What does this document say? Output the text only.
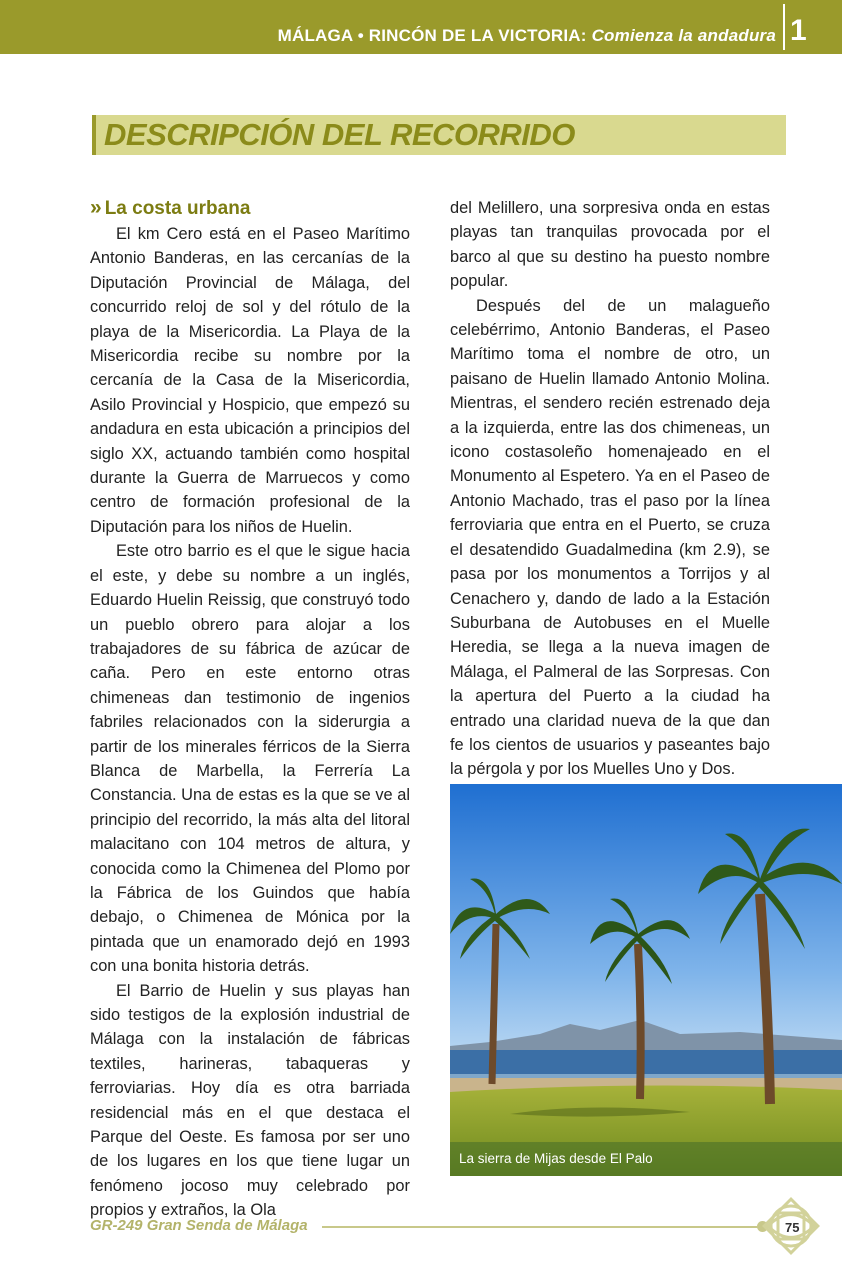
MÁLAGA • RINCÓN DE LA VICTORIA: Comienza la andadura 1
DESCRIPCIÓN DEL RECORRIDO
» La costa urbana

El km Cero está en el Paseo Marítimo Antonio Banderas, en las cercanías de la Diputación Provincial de Málaga, del concurrido reloj de sol y del rótulo de la playa de la Misericordia. La Playa de la Misericordia recibe su nombre por la cercanía de la Casa de la Misericordia, Asilo Provincial y Hospicio, que empezó su andadura en esta ubicación a principios del siglo XX, actuando también como hospital durante la Guerra de Marruecos y como centro de formación profesional de la Diputación para los niños de Huelin.

Este otro barrio es el que le sigue hacia el este, y debe su nombre a un inglés, Eduardo Huelin Reissig, que construyó todo un pueblo obrero para alojar a los trabajadores de su fábrica de azúcar de caña. Pero en este entorno otras chimeneas dan testimonio de ingenios fabriles relacionados con la siderurgia a partir de los minerales férricos de la Sierra Blanca de Marbella, la Ferrería La Constancia. Una de estas es la que se ve al principio del recorrido, la más alta del litoral malacitano con 104 metros de altura, y conocida como la Chimenea del Plomo por la Fábrica de los Guindos que había debajo, o Chimenea de Mónica por la pintada que un enamorado dejó en 1993 con una bonita historia detrás.

El Barrio de Huelin y sus playas han sido testigos de la explosión industrial de Málaga con la instalación de fábricas textiles, harineras, tabaqueras y ferroviarias. Hoy día es otra barriada residencial más en el que destaca el Parque del Oeste. Es famosa por ser uno de los lugares en los que tiene lugar un fenómeno jocoso muy celebrado por propios y extraños, la Ola

del Melillero, una sorpresiva onda en estas playas tan tranquilas provocada por el barco al que su destino ha puesto nombre popular.

Después del de un malagueño celebérrimo, Antonio Banderas, el Paseo Marítimo toma el nombre de otro, un paisano de Huelin llamado Antonio Molina. Mientras, el sendero recién estrenado deja a la izquierda, entre las dos chimeneas, un icono costasoleño homenajeado en el Monumento al Espetero. Ya en el Paseo de Antonio Machado, tras el paso por la línea ferroviaria que entra en el Puerto, se cruza el desatendido Guadalmedina (km 2.9), se pasa por los monumentos a Torrijos y al Cenachero y, dando de lado a la Estación Suburbana de Autobuses en el Muelle Heredia, se llega a la nueva imagen de Málaga, el Palmeral de las Sorpresas. Con la apertura del Puerto a la ciudad ha entrado una claridad nueva de la que dan fe los cientos de usuarios y paseantes bajo la pérgola y por los Muelles Uno y Dos.

La sierra de Mijas desde El Palo
GR-249 Gran Senda de Málaga	75
